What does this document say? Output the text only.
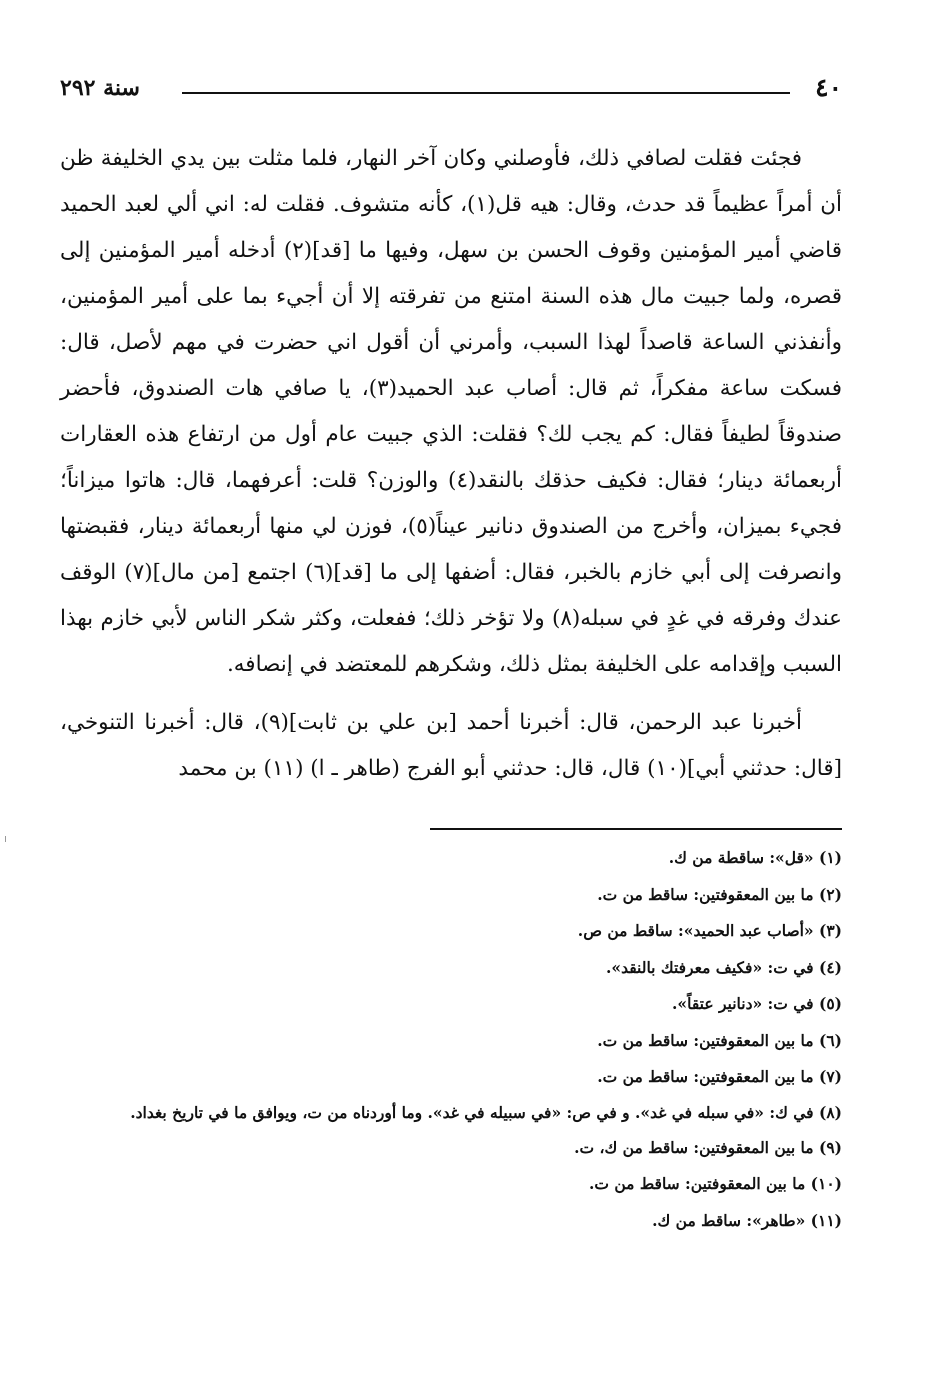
٤٠
سنة ٢٩٢

فجئت فقلت لصافي ذلك، فأوصلني وكان آخر النهار، فلما مثلت بين يدي الخليفة ظن أن أمراً عظيماً قد حدث، وقال: هيه قل(١)، كأنه متشوف. فقلت له: اني ألي لعبد الحميد قاضي أمير المؤمنين وقوف الحسن بن سهل، وفيها ما [قد](٢) أدخله أمير المؤمنين إلى قصره، ولما جبيت مال هذه السنة امتنع من تفرقته إلا أن أجيء بما على أمير المؤمنين، وأنفذني الساعة قاصداً لهذا السبب، وأمرني أن أقول اني حضرت في مهم لأصل، قال: فسكت ساعة مفكراً، ثم قال: أصاب عبد الحميد(٣)، يا صافي هات الصندوق، فأحضر صندوقاً لطيفاً فقال: كم يجب لك؟ فقلت: الذي جبيت عام أول من ارتفاع هذه العقارات أربعمائة دينار؛ فقال: فكيف حذقك بالنقد(٤) والوزن؟ قلت: أعرفهما، قال: هاتوا ميزاناً؛ فجيء بميزان، وأخرج من الصندوق دنانير عيناً(٥)، فوزن لي منها أربعمائة دينار، فقبضتها وانصرفت إلى أبي خازم بالخبر، فقال: أضفها إلى ما [قد](٦) اجتمع [من مال](٧) الوقف عندك وفرقه في غدٍ في سبله(٨) ولا تؤخر ذلك؛ ففعلت، وكثر شكر الناس لأبي خازم بهذا السبب وإقدامه على الخليفة بمثل ذلك، وشكرهم للمعتضد في إنصافه.

أخبرنا عبد الرحمن، قال: أخبرنا أحمد [بن علي بن ثابت](٩)، قال: أخبرنا التنوخي، [قال: حدثني أبي](١٠) قال، قال: حدثني أبو الفرج (طاهر ـ ا) (١١) بن محمد

(١) «قل»: ساقطة من ك.
(٢) ما بين المعقوفتين: ساقط من ت.
(٣) «أصاب عبد الحميد»: ساقط من ص.
(٤) في ت: «فكيف معرفتك بالنقد».
(٥) في ت: «دنانير عتقاً».
(٦) ما بين المعقوفتين: ساقط من ت.
(٧) ما بين المعقوفتين: ساقط من ت.
(٨) في ك: «في سبله في غد». و في ص: «في سبيله في غد». وما أوردناه من ت، ويوافق ما في تاريخ بغداد.
(٩) ما بين المعقوفتين: ساقط من ك، ت.
(١٠) ما بين المعقوفتين: ساقط من ت.
(١١) «طاهر»: ساقط من ك.
